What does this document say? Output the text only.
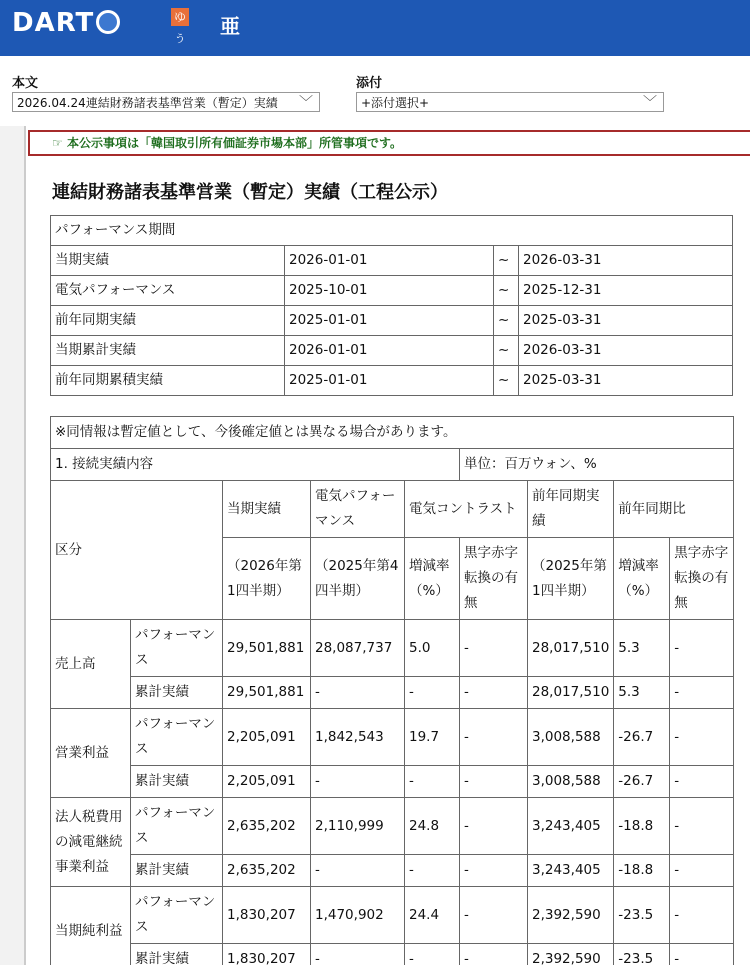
DART	ゆ
う
亜
本文
2026.04.24連結財務諸表基準営業（暫定）実績 ﹀
添付
+添付選択+	﹀
☞ 本公示事項は「韓国取引所有価証券市場本部」所管事項です。
連結財務諸表基準営業（暫定）実績（工程公示）
パフォーマンス期間			
当期実績	2026-01-01	~	2026-03-31
電気パフォーマンス	2025-10-01	~	2025-12-31
前年同期実績	2025-01-01	~	2025-03-31
当期累計実績	2026-01-01	~	2026-03-31
前年同期累積実績	2025-01-01	~	2025-03-31
※同情報は暫定値として、今後確定値とは異なる場合があります。								
1. 接続実績内容					単位：百万ウォン、%			
区分		当期実績	電気パフォーマンス	電気コントラスト		前年同期実績	前年同期比	
		（2026年第1四半期）	（2025年第4四半期）	増減率（%）	黒字赤字転換の有無	（2025年第1四半期）	増減率（%）	黒字赤字転換の有無
売上高	パフォーマンス	29,501,881	28,087,737	5.0	-	28,017,510	5.3	-
	累計実績	29,501,881	-	-	-	28,017,510	5.3	-
営業利益	パフォーマンス	2,205,091	1,842,543	19.7	-	3,008,588	-26.7	-
	累計実績	2,205,091	-	-	-	3,008,588	-26.7	-
法人税費用の減電継続事業利益	パフォーマンス	2,635,202	2,110,999	24.8	-	3,243,405	-18.8	-
	累計実績	2,635,202	-	-	-	3,243,405	-18.8	-
当期純利益	パフォーマンス	1,830,207	1,470,902	24.4	-	2,392,590	-23.5	-
	累計実績	1,830,207	-	-	-	2,392,590	-23.5	-
